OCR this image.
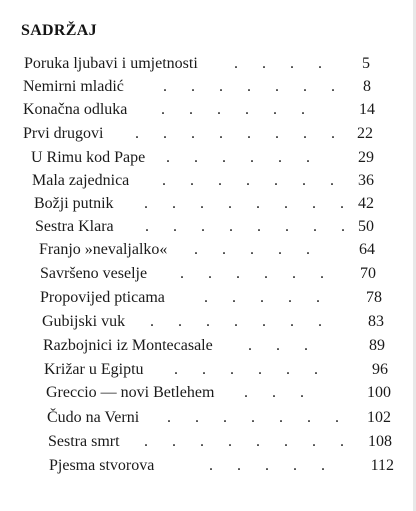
SADRŽAJ
Poruka ljubavi i umjetnosti . . . .	5
Nemirni mladić . . . . . . .	8
Konačna odluka . . . . . .	14
Prvi drugovi . . . . . . . . 22
U Rimu kod Pape . . . . . .	29
Mala zajednica . . . . . . . 36
Božji putnik . . . . . . . . 42
Sestra Klara . . . . . . . . 50
Franjo »nevaljalko« . . . . .	64
Savršeno veselje . . . . . .	70
Propovijed pticama . . . . .	78
Gubijski vuk . . . . . . .	83
Razbojnici iz Montecasale . . .	89
Križar u Egiptu . . . . . .	96
Greccio — novi Betlehem . . .	100
Čudo na Verni . . . . . . .	102
Sestra smrt . . . . . . . . 108
Pjesma stvorova	. . . . .	112
